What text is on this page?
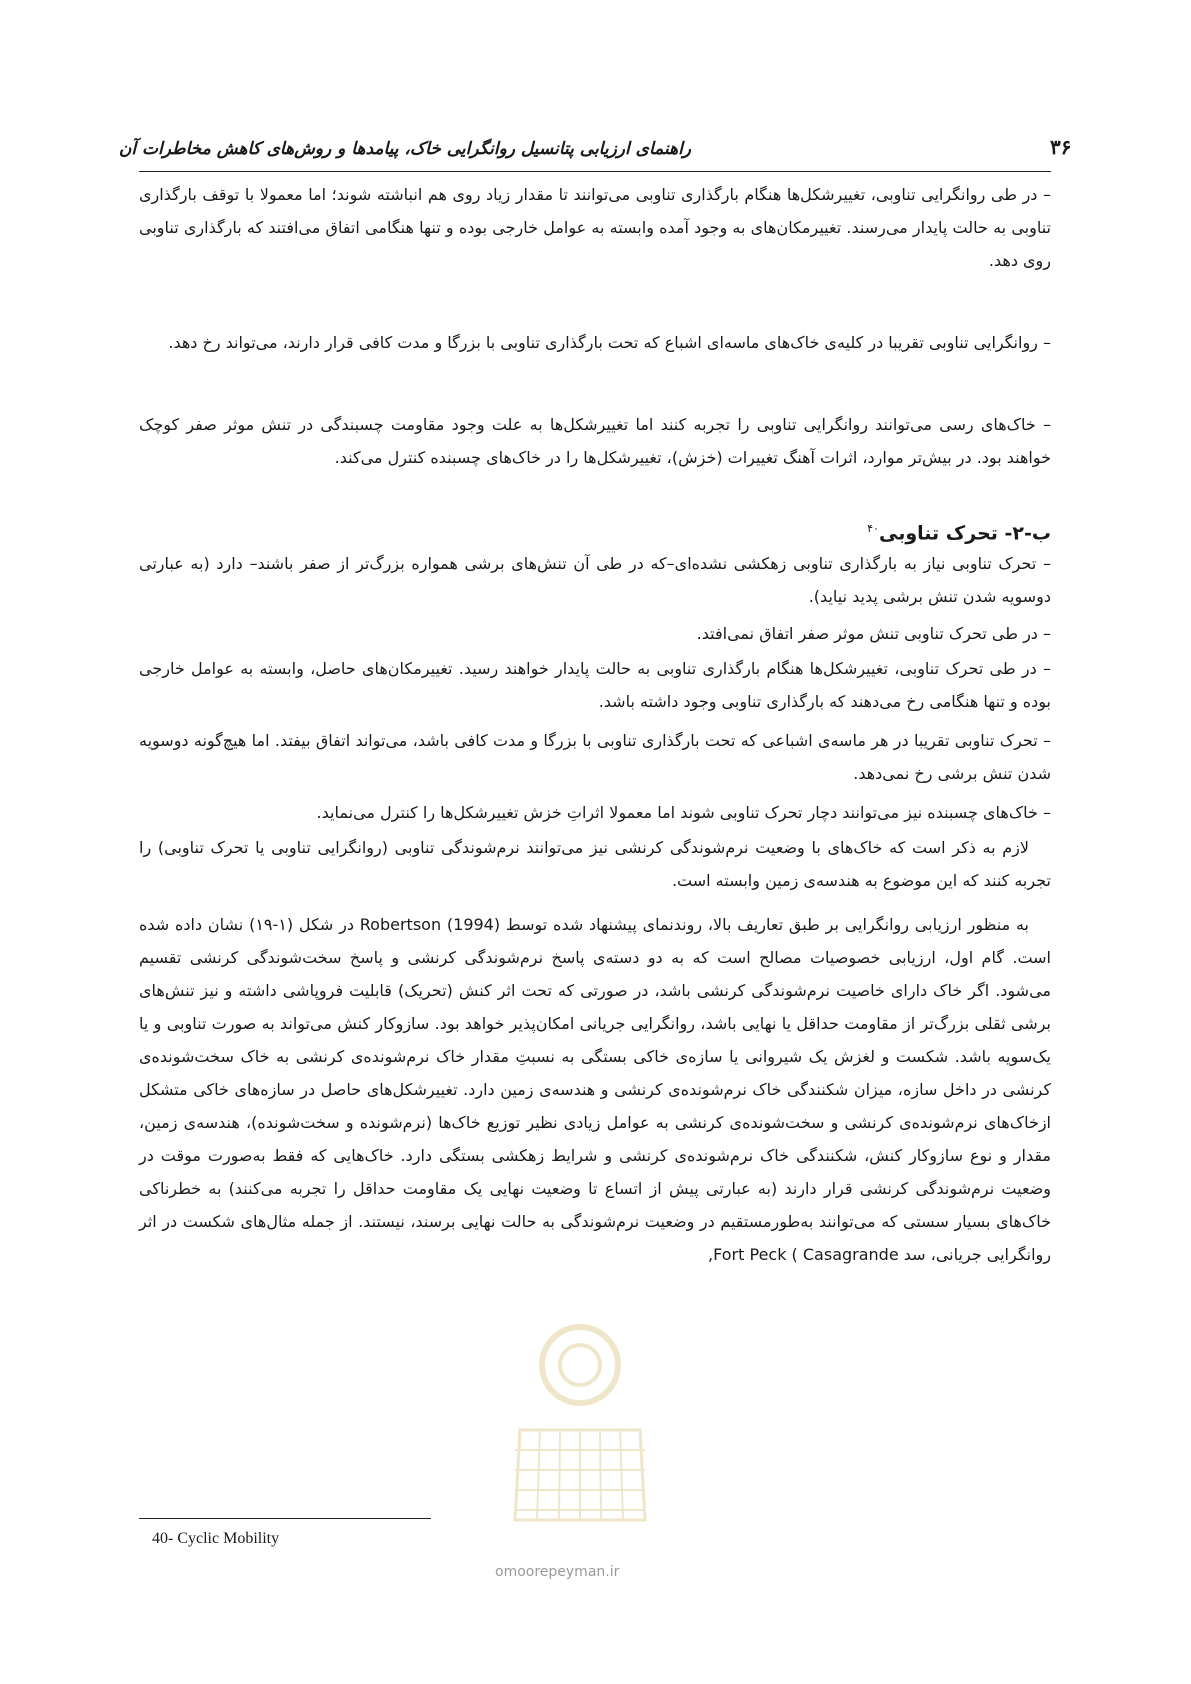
راهنمای ارزیابی پتانسیل روانگرایی خاک، پیامدها و روش‌های کاهش مخاطرات آن	۳۶
– در طی روانگرایی تناوبی، تغییرشکل‌ها هنگام بارگذاری تناوبی می‌توانند تا مقدار زیاد روی هم انباشته شوند؛ اما معمولا با توقف بارگذاری تناوبی به حالت پایدار می‌رسند. تغییرمکان‌های به وجود آمده وابسته به عوامل خارجی بوده و تنها هنگامی اتفاق می‌افتند که بارگذاری تناوبی روی دهد.
– روانگرایی تناوبی تقریبا در کلیه‌ی خاک‌های ماسه‌ای اشباع که تحت بارگذاری تناوبی با بزرگا و مدت کافی قرار دارند، می‌تواند رخ دهد.
– خاک‌های رسی می‌توانند روانگرایی تناوبی را تجربه کنند اما تغییرشکل‌ها به علت وجود مقاومت چسبندگی در تنش موثر صفر کوچک خواهند بود. در بیش‌تر موارد، اثرات آهنگ تغییرات (خزش)، تغییرشکل‌ها را در خاک‌های چسبنده کنترل می‌کند.
ب-۲- تحرک تناوبی$^{۴۰}$
– تحرک تناوبی نیاز به بارگذاری تناوبی زهکشی نشده‌ای–که در طی آن تنش‌های برشی همواره بزرگ‌تر از صفر باشند– دارد (به عبارتی دوسویه شدن تنش برشی پدید نیاید).
– در طی تحرک تناوبی تنش موثر صفر اتفاق نمی‌افتد.
– در طی تحرک تناوبی، تغییرشکل‌ها هنگام بارگذاری تناوبی به حالت پایدار خواهند رسید. تغییرمکان‌های حاصل، وابسته به عوامل خارجی بوده و تنها هنگامی رخ می‌دهند که بارگذاری تناوبی وجود داشته باشد.
– تحرک تناوبی تقریبا در هر ماسه‌ی اشباعی که تحت بارگذاری تناوبی با بزرگا و مدت کافی باشد، می‌تواند اتفاق بیفتد. اما هیچ‌گونه دوسویه شدن تنش برشی رخ نمی‌دهد.
– خاک‌های چسبنده نیز می‌توانند دچار تحرک تناوبی شوند اما معمولا اثراتِ خزش تغییرشکل‌ها را کنترل می‌نماید.
لازم به ذکر است که خاک‌های با وضعیت نرم‌شوندگی کرنشی نیز می‌توانند نرم‌شوندگی تناوبی (روانگرایی تناوبی یا تحرک تناوبی) را تجربه کنند که این موضوع به هندسه‌ی زمین وابسته است.
به منظور ارزیابی روانگرایی بر طبق تعاریف بالا، روندنمای پیشنهاد شده توسط Robertson (1994) در شکل (۱-۱۹) نشان داده شده است. گام اول، ارزیابی خصوصیات مصالح است که به دو دسته‌ی پاسخ نرم‌شوندگی کرنشی و پاسخ سخت‌شوندگی کرنشی تقسیم می‌شود. اگر خاک دارای خاصیت نرم‌شوندگی کرنشی باشد، در صورتی که تحت اثر کنش (تحریک) قابلیت فروپاشی داشته و نیز تنش‌های برشی ثقلی بزرگ‌تر از مقاومت حداقل یا نهایی باشد، روانگرایی جریانی امکان‌پذیر خواهد بود. سازوکار کنش می‌تواند به صورت تناوبی و یا یک‌سویه باشد. شکست و لغزش یک شیروانی یا سازه‌ی خاکی بستگی به نسبتِ مقدار خاک نرم‌شونده‌ی کرنشی به خاک سخت‌شونده‌ی کرنشی در داخل سازه، میزان شکنندگی خاک نرم‌شونده‌ی کرنشی و هندسه‌ی زمین دارد. تغییرشکل‌های حاصل در سازه‌های خاکی متشکل ازخاک‌های نرم‌شونده‌ی کرنشی و سخت‌شونده‌ی کرنشی به عوامل زیادی نظیر توزیع خاک‌ها (نرم‌شونده و سخت‌شونده)، هندسه‌ی زمین، مقدار و نوع سازوکار کنش، شکنندگی خاک نرم‌شونده‌ی کرنشی و شرایط زهکشی بستگی دارد. خاک‌هایی که فقط به‌صورت موقت در وضعیت نرم‌شوندگی کرنشی قرار دارند (به عبارتی پیش از اتساع تا وضعیت نهایی یک مقاومت حداقل را تجربه می‌کنند) به خطرناکی خاک‌های بسیار سستی که می‌توانند به‌طور‌مستقیم در وضعیت نرم‌شوندگی به حالت نهایی برسند، نیستند. از جمله مثال‌های شکست در اثر روانگرایی جریانی، سد Fort Peck ( Casagrande,
40- Cyclic Mobility
omoorepeyman.ir
